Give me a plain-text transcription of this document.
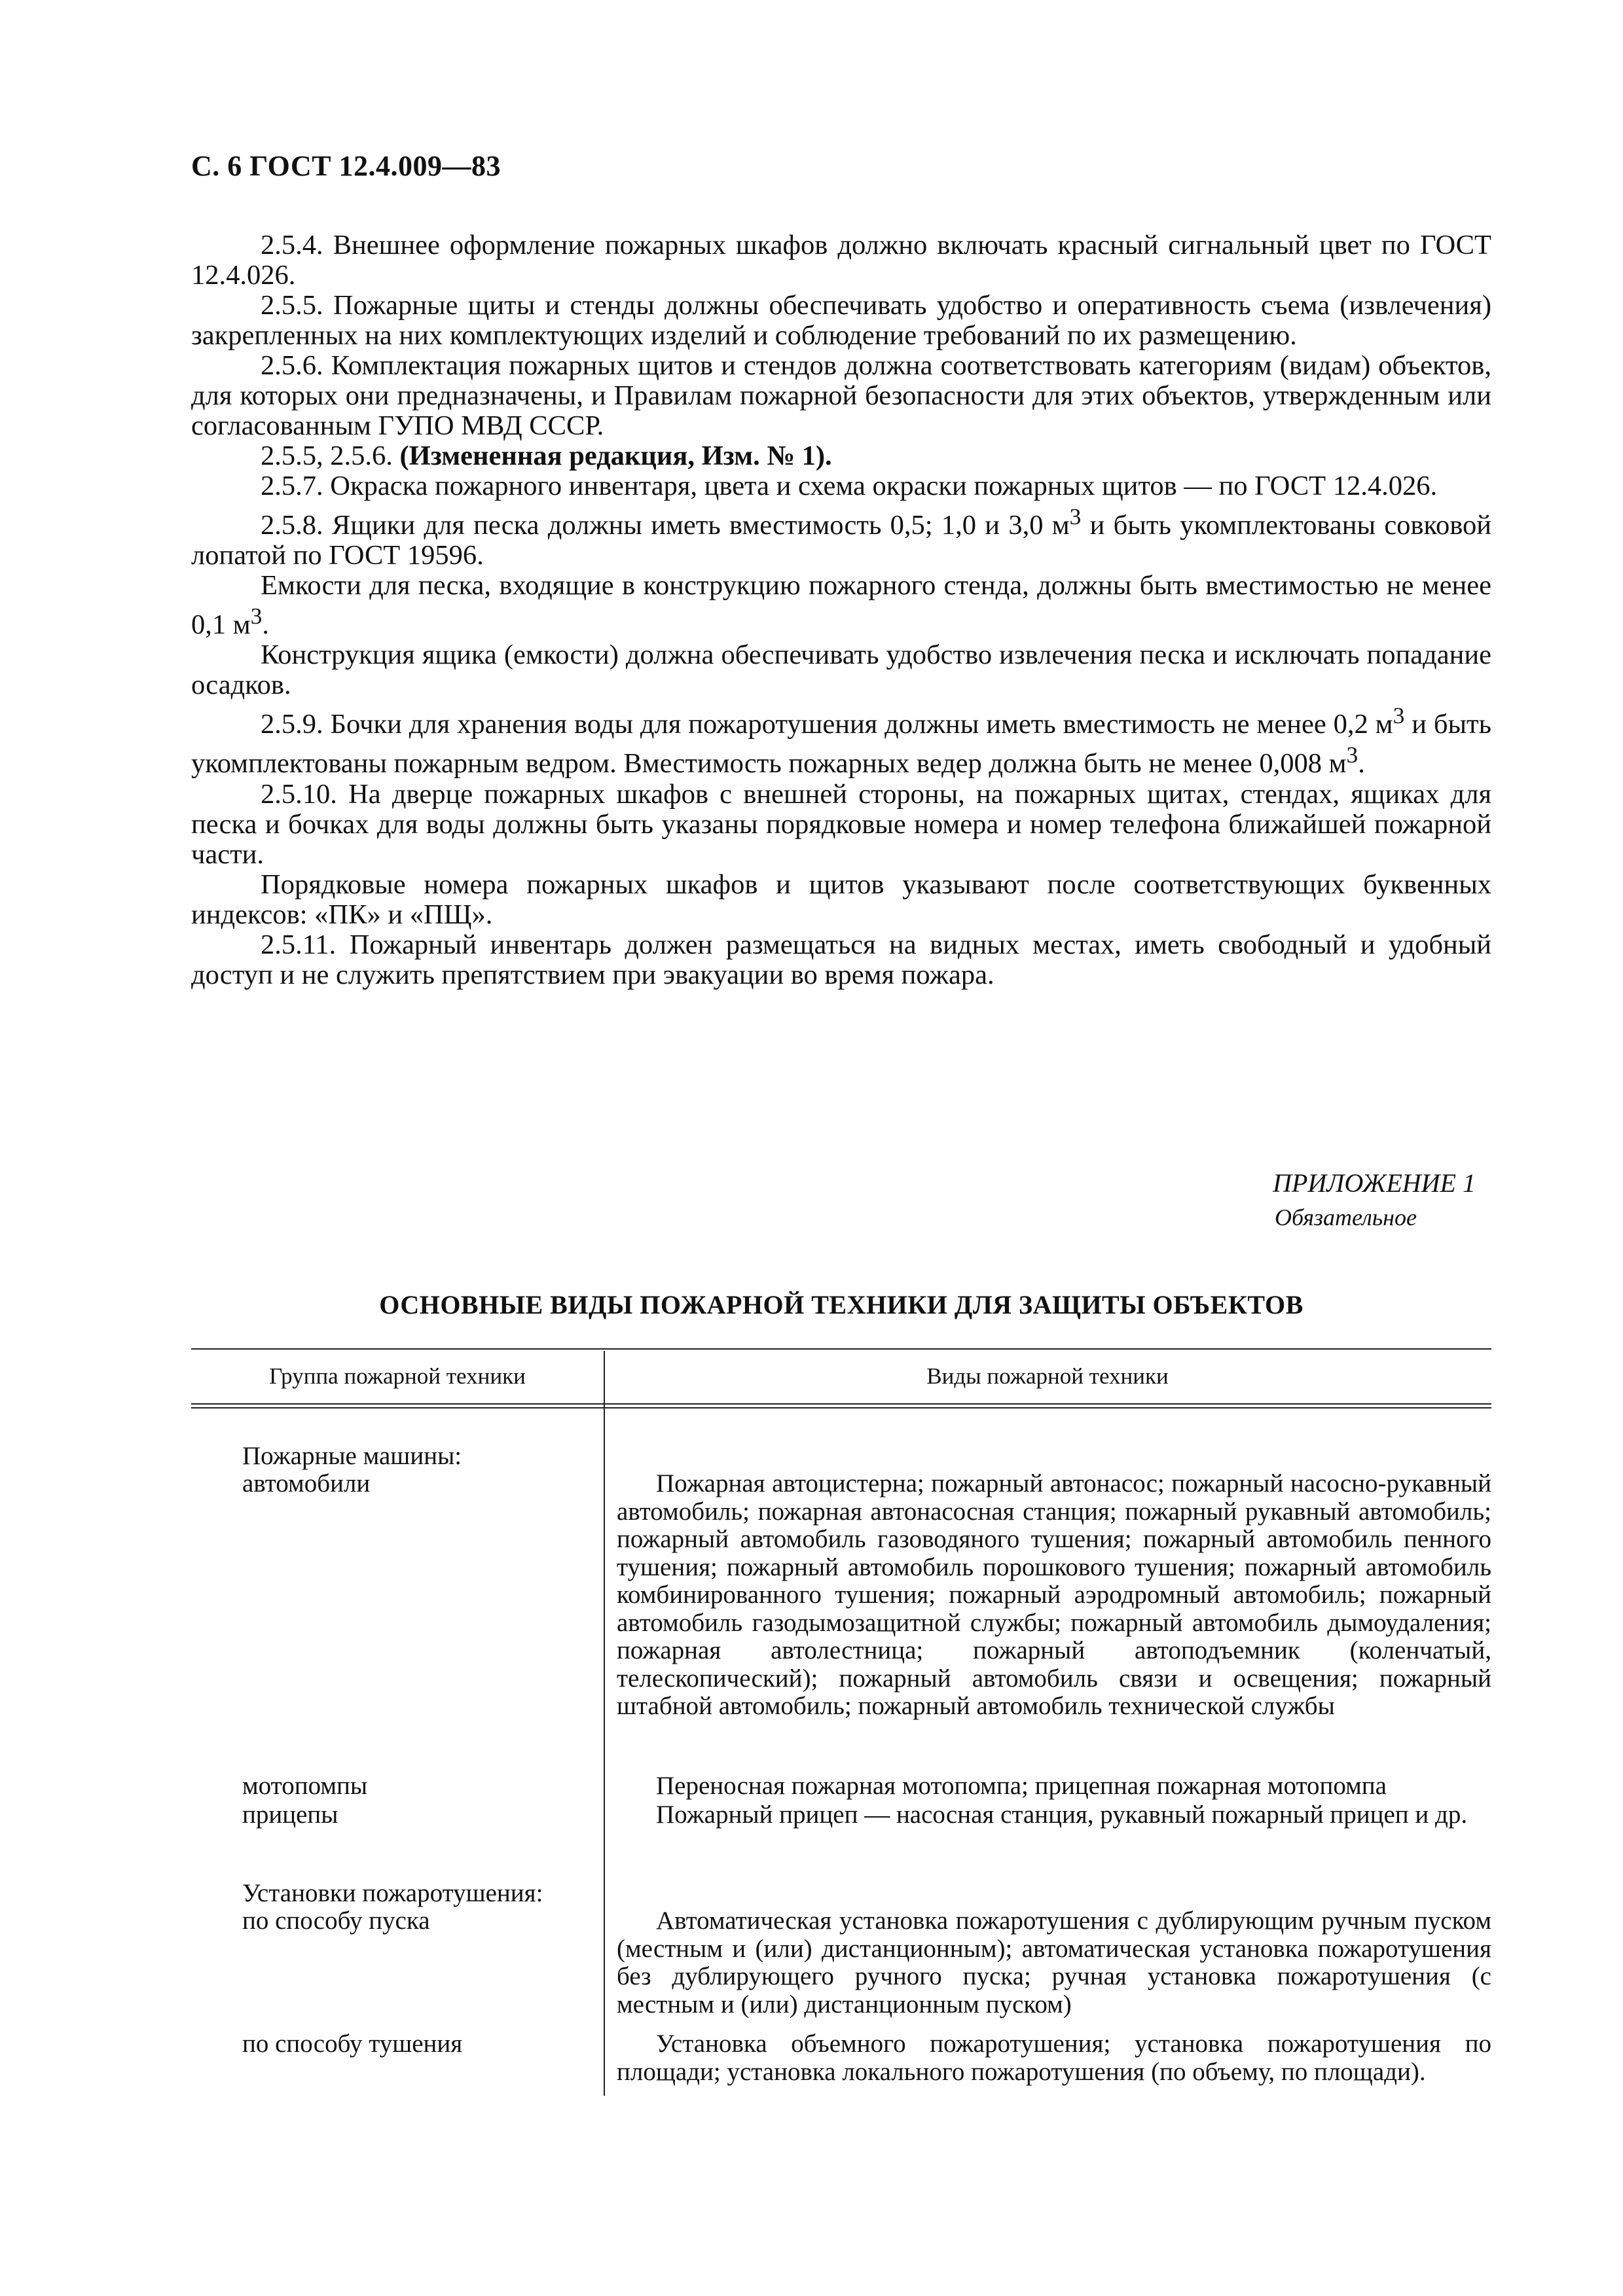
С. 6 ГОСТ 12.4.009—83

2.5.4. Внешнее оформление пожарных шкафов должно включать красный сигнальный цвет по ГОСТ 12.4.026.

2.5.5. Пожарные щиты и стенды должны обеспечивать удобство и оперативность съема (извлечения) закрепленных на них комплектующих изделий и соблюдение требований по их размещению.

2.5.6. Комплектация пожарных щитов и стендов должна соответствовать категориям (видам) объектов, для которых они предназначены, и Правилам пожарной безопасности для этих объектов, утвержденным или согласованным ГУПО МВД СССР.

2.5.5, 2.5.6. (Измененная редакция, Изм. № 1).

2.5.7. Окраска пожарного инвентаря, цвета и схема окраски пожарных щитов — по ГОСТ 12.4.026.

2.5.8. Ящики для песка должны иметь вместимость 0,5; 1,0 и 3,0 $м^3$ и быть укомплектованы совковой лопатой по ГОСТ 19596.

Емкости для песка, входящие в конструкцию пожарного стенда, должны быть вместимостью не менее 0,1 $м^3$.

Конструкция ящика (емкости) должна обеспечивать удобство извлечения песка и исключать попадание осадков.

2.5.9. Бочки для хранения воды для пожаротушения должны иметь вместимость не менее 0,2 $м^3$ и быть укомплектованы пожарным ведром. Вместимость пожарных ведер должна быть не менее 0,008 $м^3$.

2.5.10. На дверце пожарных шкафов с внешней стороны, на пожарных щитах, стендах, ящиках для песка и бочках для воды должны быть указаны порядковые номера и номер телефона ближайшей пожарной части.

Порядковые номера пожарных шкафов и щитов указывают после соответствующих буквенных индексов: «ПК» и «ПЩ».

2.5.11. Пожарный инвентарь должен размещаться на видных местах, иметь свободный и удобный доступ и не служить препятствием при эвакуации во время пожара.

ПРИЛОЖЕНИЕ 1
Обязательное
ОСНОВНЫЕ ВИДЫ ПОЖАРНОЙ ТЕХНИКИ ДЛЯ ЗАЩИТЫ ОБЪЕКТОВ
Группа пожарной техники	Виды пожарной техники
Пожарные машины:
автомобили	Пожарная автоцистерна; пожарный автонасос; пожарный насосно-рукавный автомобиль; пожарная автонасосная станция; пожарный рукавный автомобиль; пожарный автомобиль газоводяного тушения; пожарный автомобиль пенного тушения; пожарный автомобиль порошкового тушения; пожарный автомобиль комбинированного тушения; пожарный аэродромный автомобиль; пожарный автомобиль газодымозащитной службы; пожарный автомобиль дымоудаления; пожарная автолестница; пожарный автоподъемник (коленчатый, телескопический); пожарный автомобиль связи и освещения; пожарный штабной автомобиль; пожарный автомобиль технической службы
мотопомпы	Переносная пожарная мотопомпа; прицепная пожарная мотопомпа
прицепы	Пожарный прицеп — насосная станция, рукавный пожарный прицеп и др.
Установки пожаротушения:
по способу пуска	Автоматическая установка пожаротушения с дублирующим ручным пуском (местным и (или) дистанционным); автоматическая установка пожаротушения без дублирующего ручного пуска; ручная установка пожаротушения (с местным и (или) дистанционным пуском)
по способу тушения	Установка объемного пожаротушения; установка пожаротушения по площади; установка локального пожаротушения (по объему, по площади).
